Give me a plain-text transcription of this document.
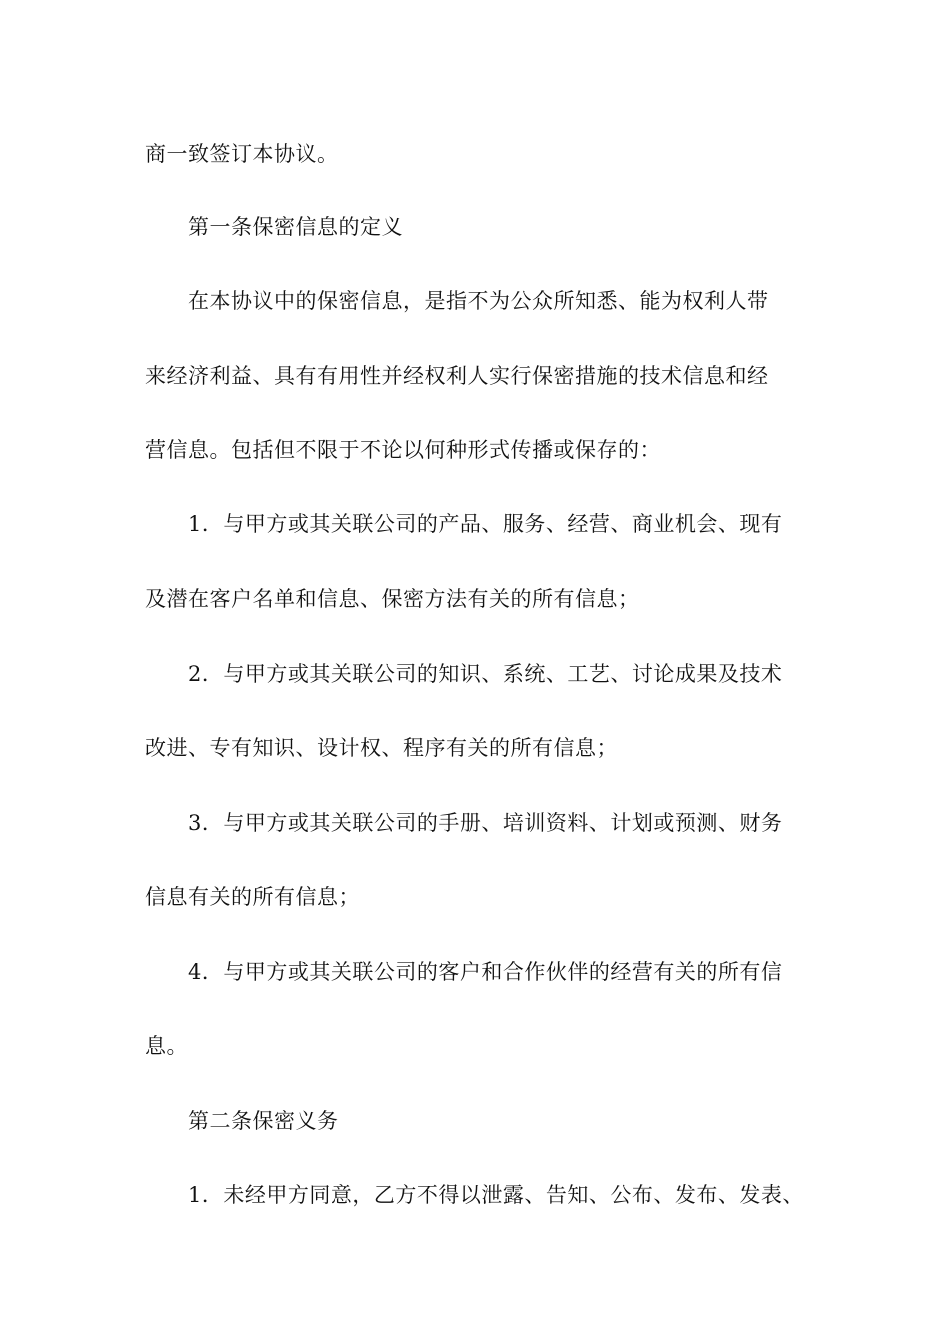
商一致签订本协议。
第一条保密信息的定义
在本协议中的保密信息，是指不为公众所知悉、能为权利人带
来经济利益、具有有用性并经权利人实行保密措施的技术信息和经
营信息。包括但不限于不论以何种形式传播或保存的：
1．与甲方或其关联公司的产品、服务、经营、商业机会、现有
及潜在客户名单和信息、保密方法有关的所有信息；
2．与甲方或其关联公司的知识、系统、工艺、讨论成果及技术
改进、专有知识、设计权、程序有关的所有信息；
3．与甲方或其关联公司的手册、培训资料、计划或预测、财务
信息有关的所有信息；
4．与甲方或其关联公司的客户和合作伙伴的经营有关的所有信
息。
第二条保密义务
1．未经甲方同意，乙方不得以泄露、告知、公布、发布、发表、
